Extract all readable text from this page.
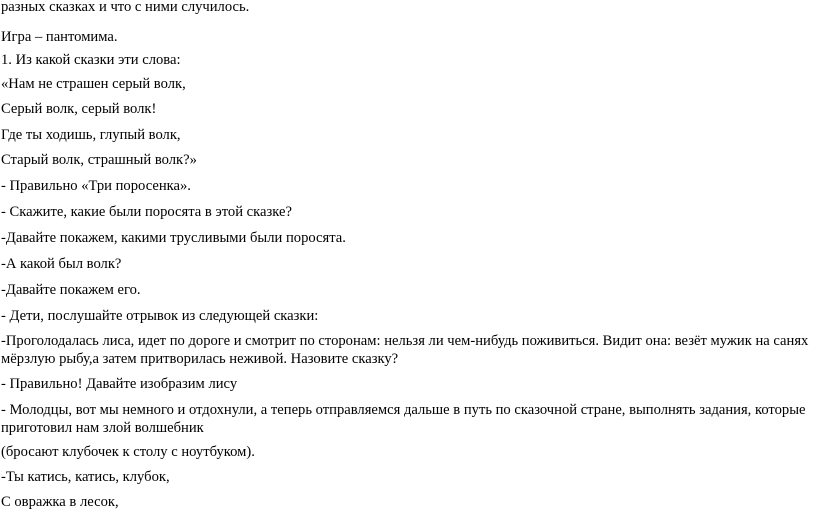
разных сказках и что с ними случилось.
Игра – пантомима.
1. Из какой сказки эти слова:
«Нам не страшен серый волк,
Серый волк, серый волк!
Где ты ходишь, глупый волк,
Старый волк, страшный волк?»
- Правильно «Три поросенка».
- Скажите, какие были поросята в этой сказке?
-Давайте покажем, какими трусливыми были поросята.
-А какой был волк?
-Давайте покажем его.
- Дети, послушайте отрывок из следующей сказки:
-Проголодалась лиса, идет по дороге и смотрит по сторонам: нельзя ли чем-нибудь поживиться. Видит она: везёт мужик на санях мёрзлую рыбу,а затем притворилась неживой. Назовите сказку?
- Правильно! Давайте изобразим лису
- Молодцы, вот мы немного и отдохнули, а теперь отправляемся дальше в путь по сказочной стране, выполнять задания, которые приготовил нам злой волшебник
(бросают клубочек к столу с ноутбуком).
-Ты катись, катись, клубок,
С овражка в лесок,
